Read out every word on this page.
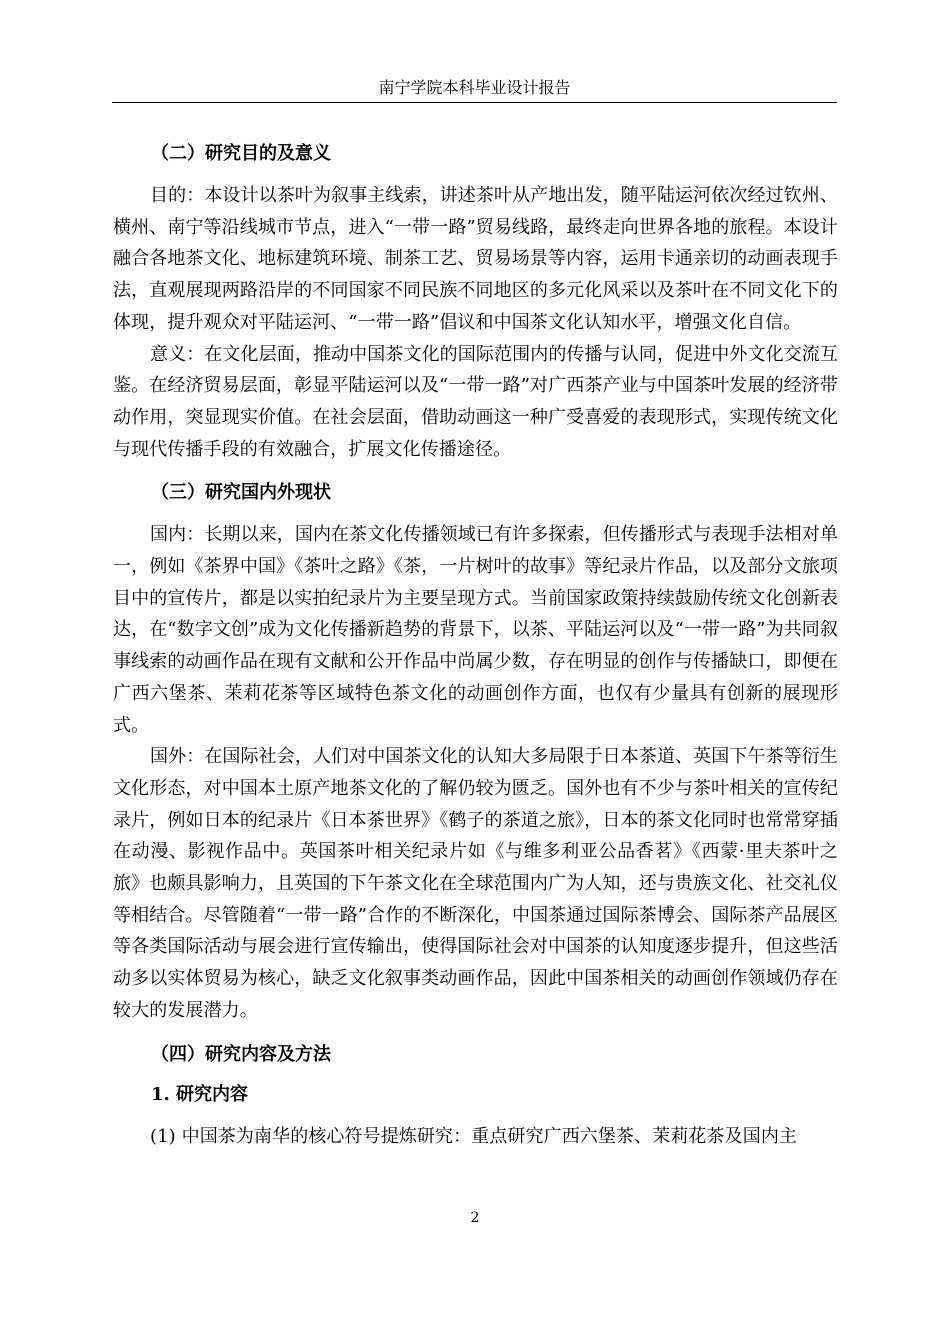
南宁学院本科毕业设计报告
（二）研究目的及意义

目的：本设计以茶叶为叙事主线索，讲述茶叶从产地出发，随平陆运河依次经过钦州、横州、南宁等沿线城市节点，进入“一带一路”贸易线路，最终走向世界各地的旅程。本设计融合各地茶文化、地标建筑环境、制茶工艺、贸易场景等内容，运用卡通亲切的动画表现手法，直观展现两路沿岸的不同国家不同民族不同地区的多元化风采以及茶叶在不同文化下的体现，提升观众对平陆运河、“一带一路”倡议和中国茶文化认知水平，增强文化自信。

意义：在文化层面，推动中国茶文化的国际范围内的传播与认同，促进中外文化交流互鉴。在经济贸易层面，彰显平陆运河以及“一带一路”对广西茶产业与中国茶叶发展的经济带动作用，突显现实价值。在社会层面，借助动画这一种广受喜爱的表现形式，实现传统文化与现代传播手段的有效融合，扩展文化传播途径。

（三）研究国内外现状

国内：长期以来，国内在茶文化传播领域已有许多探索，但传播形式与表现手法相对单一，例如《茶界中国》《茶叶之路》《茶，一片树叶的故事》等纪录片作品，以及部分文旅项目中的宣传片，都是以实拍纪录片为主要呈现方式。当前国家政策持续鼓励传统文化创新表达，在“数字文创”成为文化传播新趋势的背景下，以茶、平陆运河以及“一带一路”为共同叙事线索的动画作品在现有文献和公开作品中尚属少数，存在明显的创作与传播缺口，即便在广西六堡茶、茉莉花茶等区域特色茶文化的动画创作方面，也仅有少量具有创新的展现形式。

国外：在国际社会，人们对中国茶文化的认知大多局限于日本茶道、英国下午茶等衍生文化形态，对中国本土原产地茶文化的了解仍较为匮乏。国外也有不少与茶叶相关的宣传纪录片，例如日本的纪录片《日本茶世界》《鹤子的茶道之旅》，日本的茶文化同时也常常穿插在动漫、影视作品中。英国茶叶相关纪录片如《与维多利亚公品香茗》《西蒙·里夫茶叶之旅》也颇具影响力，且英国的下午茶文化在全球范围内广为人知，还与贵族文化、社交礼仪等相结合。尽管随着“一带一路”合作的不断深化，中国茶通过国际茶博会、国际茶产品展区等各类国际活动与展会进行宣传输出，使得国际社会对中国茶的认知度逐步提升，但这些活动多以实体贸易为核心，缺乏文化叙事类动画作品，因此中国茶相关的动画创作领域仍存在较大的发展潜力。

（四）研究内容及方法
1. 研究内容

(1) 中国茶为南华的核心符号提炼研究：重点研究广西六堡茶、茉莉花茶及国内主

2
